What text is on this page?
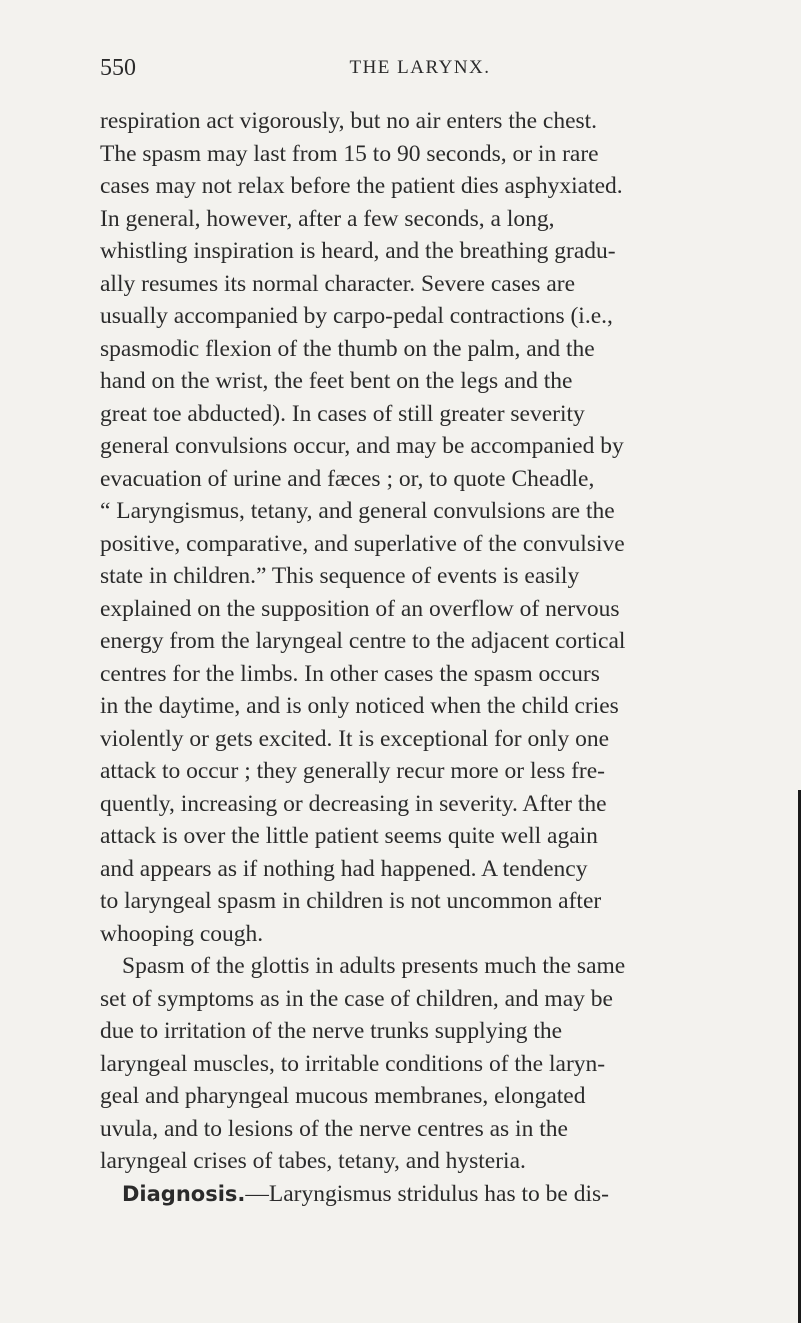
550	THE LARYNX.
respiration act vigorously, but no air enters the chest.
The spasm may last from 15 to 90 seconds, or in rare
cases may not relax before the patient dies asphyxiated.
In general, however, after a few seconds, a long,
whistling inspiration is heard, and the breathing gradu-
ally resumes its normal character. Severe cases are
usually accompanied by carpo-pedal contractions (i.e.,
spasmodic flexion of the thumb on the palm, and the
hand on the wrist, the feet bent on the legs and the
great toe abducted). In cases of still greater severity
general convulsions occur, and may be accompanied by
evacuation of urine and fæces ; or, to quote Cheadle,
“ Laryngismus, tetany, and general convulsions are the
positive, comparative, and superlative of the convulsive
state in children.” This sequence of events is easily
explained on the supposition of an overflow of nervous
energy from the laryngeal centre to the adjacent cortical
centres for the limbs. In other cases the spasm occurs
in the daytime, and is only noticed when the child cries
violently or gets excited. It is exceptional for only one
attack to occur ; they generally recur more or less fre-
quently, increasing or decreasing in severity. After the
attack is over the little patient seems quite well again
and appears as if nothing had happened. A tendency
to laryngeal spasm in children is not uncommon after
whooping cough.
Spasm of the glottis in adults presents much the same
set of symptoms as in the case of children, and may be
due to irritation of the nerve trunks supplying the
laryngeal muscles, to irritable conditions of the laryn-
geal and pharyngeal mucous membranes, elongated
uvula, and to lesions of the nerve centres as in the
laryngeal crises of tabes, tetany, and hysteria.
Diagnosis.—Laryngismus stridulus has to be dis-
